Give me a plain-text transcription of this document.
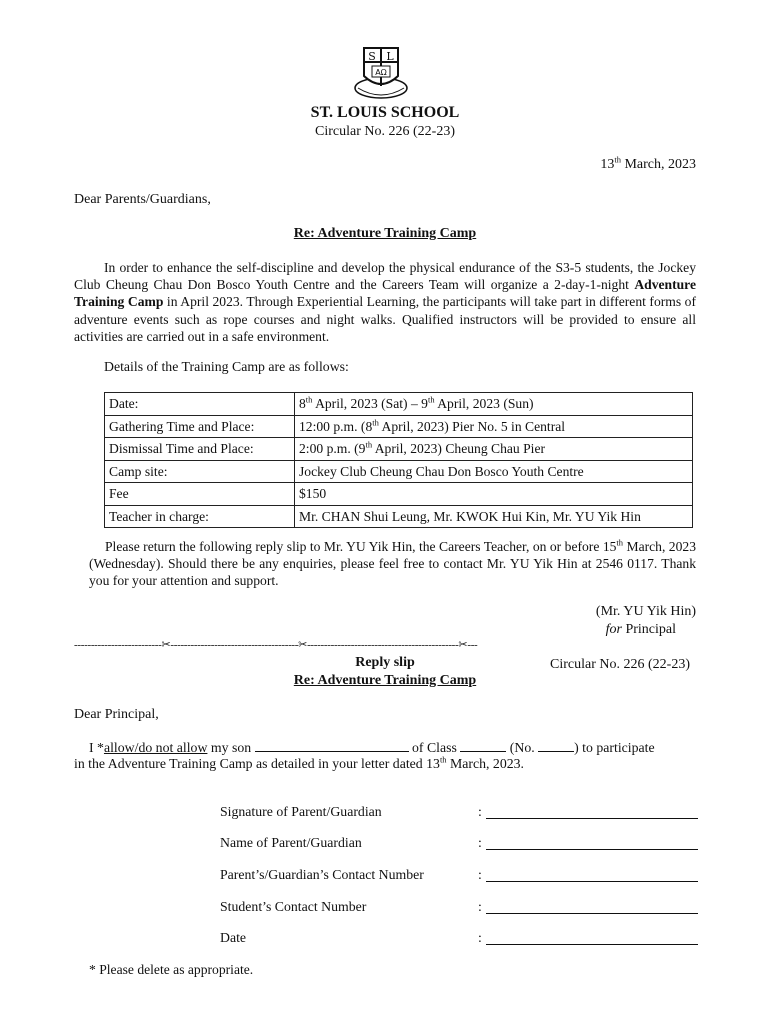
S L
AΩ
ST. LOUIS SCHOOL
Circular No. 226 (22-23)
13th March, 2023
Dear Parents/Guardians,
Re: Adventure Training Camp
In order to enhance the self-discipline and develop the physical endurance of the S3-5 students, the Jockey Club Cheung Chau Don Bosco Youth Centre and the Careers Team will organize a 2-day-1-night Adventure Training Camp in April 2023. Through Experiential Learning, the participants will take part in different forms of adventure events such as rope courses and night walks. Qualified instructors will be provided to ensure all activities are carried out in a safe environment.
Details of the Training Camp are as follows:
Date:	8th April, 2023 (Sat) – 9th April, 2023 (Sun)
Gathering Time and Place:	12:00 p.m. (8th April, 2023) Pier No. 5 in Central
Dismissal Time and Place:	2:00 p.m. (9th April, 2023) Cheung Chau Pier
Camp site:	Jockey Club Cheung Chau Don Bosco Youth Centre
Fee	$150
Teacher in charge:	Mr. CHAN Shui Leung, Mr. KWOK Hui Kin, Mr. YU Yik Hin
Please return the following reply slip to Mr. YU Yik Hin, the Careers Teacher, on or before 15th March, 2023 (Wednesday). Should there be any enquiries, please feel free to contact Mr. YU Yik Hin at 2546 0117. Thank you for your attention and support.
(Mr. YU Yik Hin)
for Principal
--------------------------✂--------------------------------------✂---------------------------------------------✂---
Reply slip	Circular No. 226 (22-23)
Re: Adventure Training Camp
Dear Principal,
I *allow/do not allow my son	of Class	(No.	) to participate
in the Adventure Training Camp as detailed in your letter dated 13th March, 2023.
Signature of Parent/Guardian	:
Name of Parent/Guardian	:
Parent’s/Guardian’s Contact Number	:
Student’s Contact Number	:
Date	:
* Please delete as appropriate.
